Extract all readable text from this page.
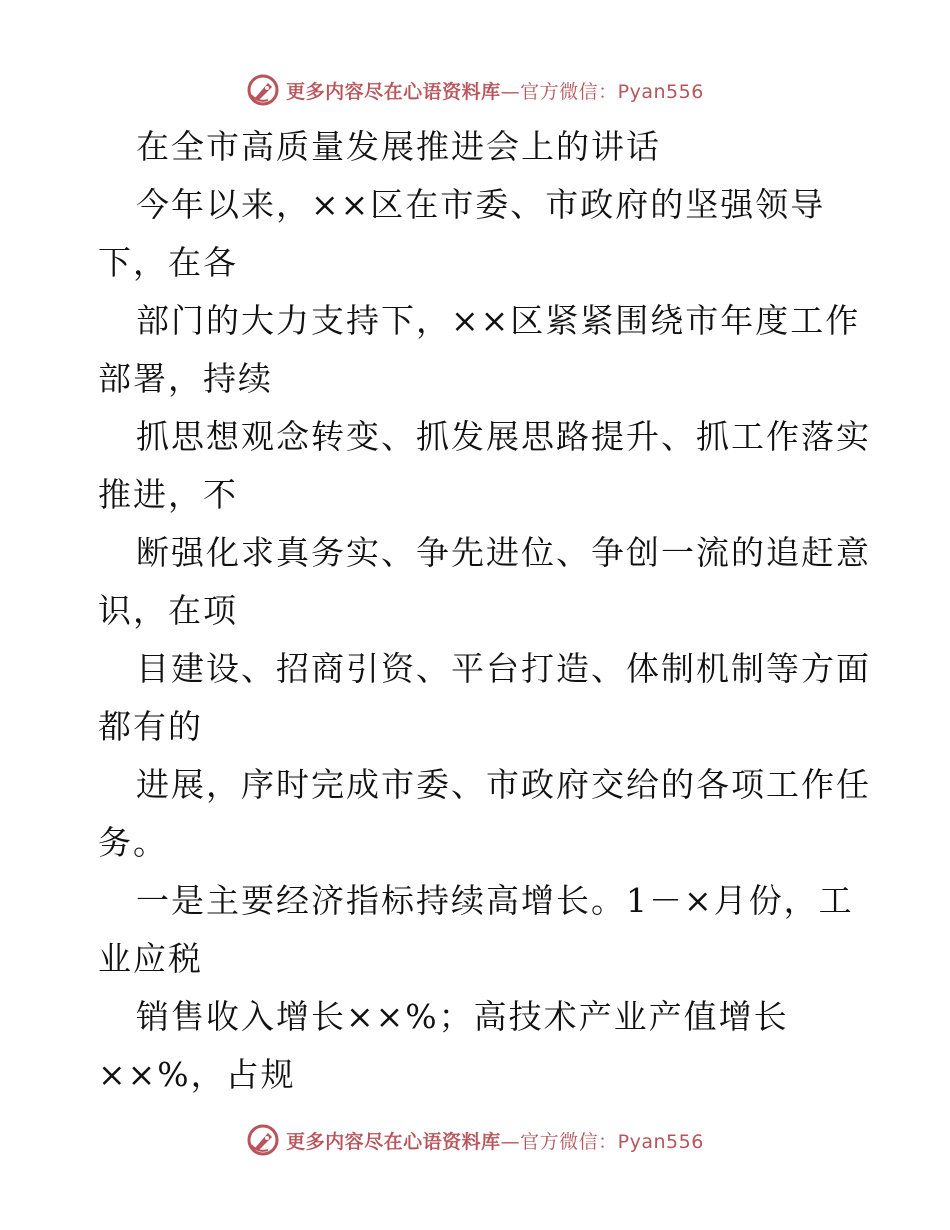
更多内容尽在心语资料库—官方微信：Pyan556
在全市高质量发展推进会上的讲话
今年以来，××区在市委、市政府的坚强领导
下，在各
部门的大力支持下，××区紧紧围绕市年度工作
部署，持续
抓思想观念转变、抓发展思路提升、抓工作落实
推进，不
断强化求真务实、争先进位、争创一流的追赶意
识，在项
目建设、招商引资、平台打造、体制机制等方面
都有的
进展，序时完成市委、市政府交给的各项工作任
务。
一是主要经济指标持续高增长。1－×月份，工
业应税
销售收入增长××%；高技术产业产值增长
××%，占规
更多内容尽在心语资料库—官方微信：Pyan556
